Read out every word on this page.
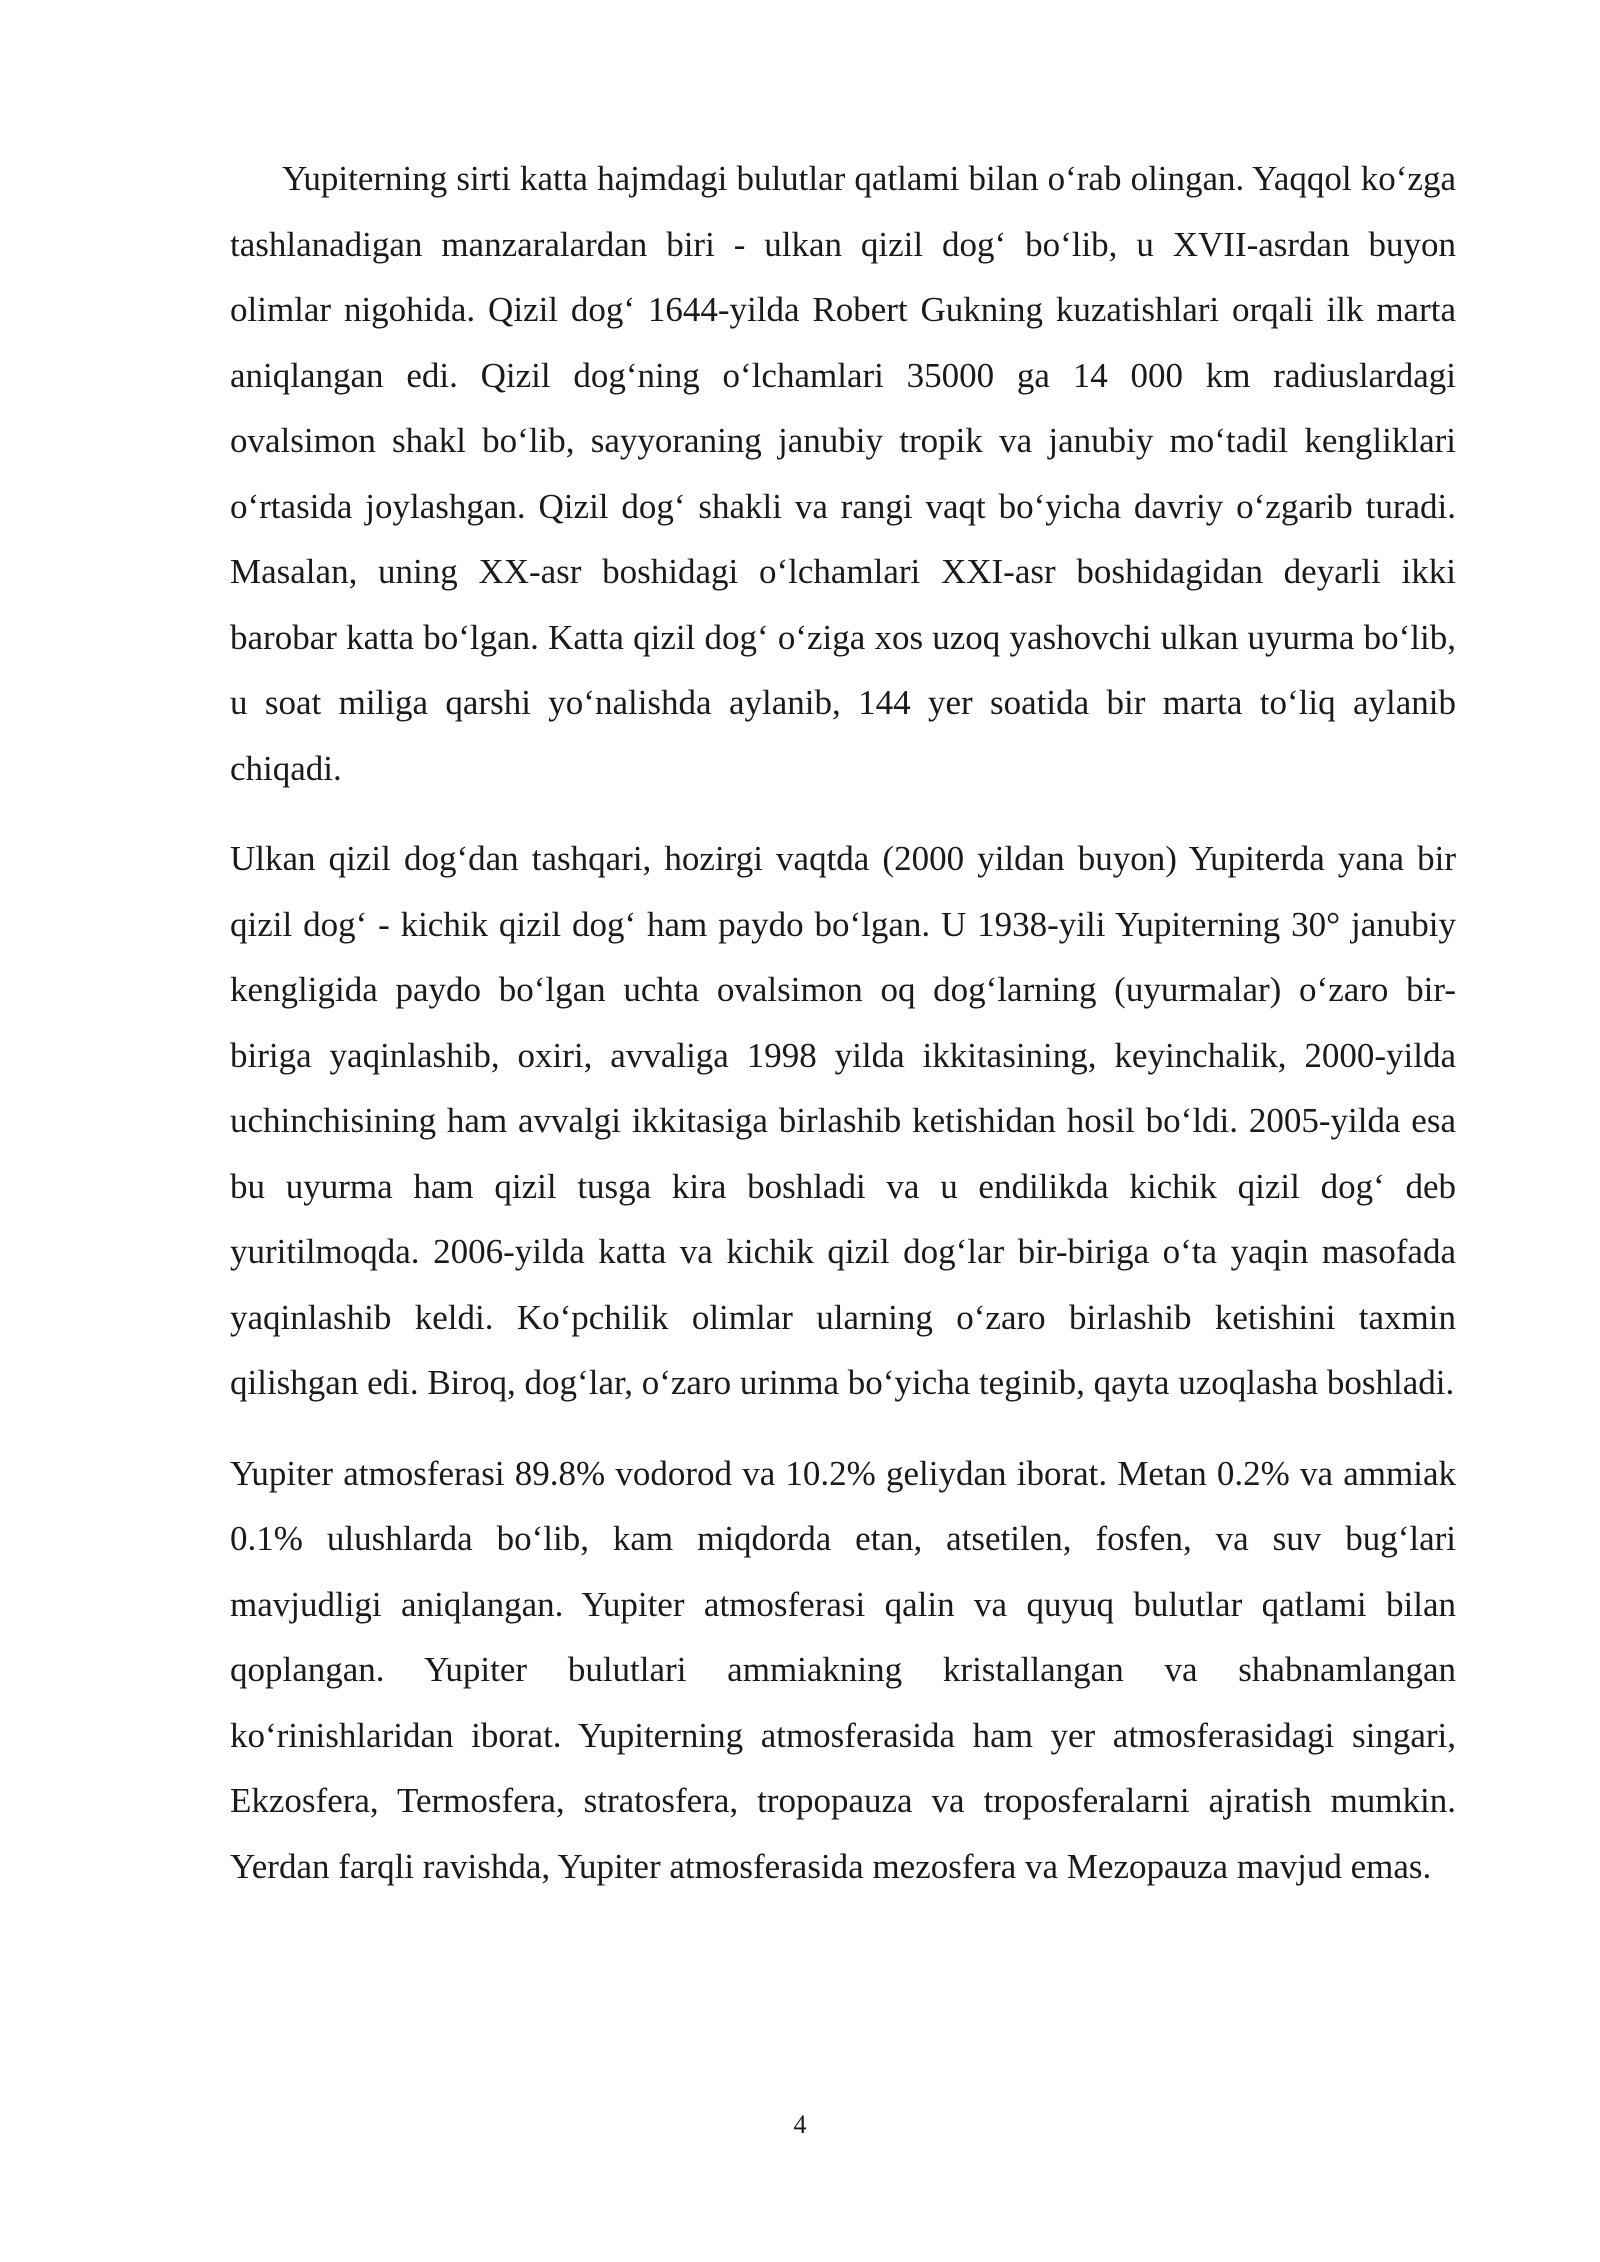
Yupiterning sirti katta hajmdagi bulutlar qatlami bilan o‘rab olingan. Yaqqol ko‘zga tashlanadigan manzaralardan biri - ulkan qizil dog‘ bo‘lib, u XVII-asrdan buyon olimlar nigohida. Qizil dog‘ 1644-yilda Robert Gukning kuzatishlari orqali ilk marta aniqlangan edi. Qizil dog‘ning o‘lchamlari 35000 ga 14 000 km radiuslardagi ovalsimon shakl bo‘lib, sayyoraning janubiy tropik va janubiy mo‘tadil kengliklari o‘rtasida joylashgan. Qizil dog‘ shakli va rangi vaqt bo‘yicha davriy o‘zgarib turadi. Masalan, uning XX-asr boshidagi o‘lchamlari XXI-asr boshidagidan deyarli ikki barobar katta bo‘lgan. Katta qizil dog‘ o‘ziga xos uzoq yashovchi ulkan uyurma bo‘lib, u soat miliga qarshi yo‘nalishda aylanib, 144 yer soatida bir marta to‘liq aylanib chiqadi.

Ulkan qizil dog‘dan tashqari, hozirgi vaqtda (2000 yildan buyon) Yupiterda yana bir qizil dog‘ - kichik qizil dog‘ ham paydo bo‘lgan. U 1938-yili Yupiterning 30° janubiy kengligida paydo bo‘lgan uchta ovalsimon oq dog‘larning (uyurmalar) o‘zaro bir-biriga yaqinlashib, oxiri, avvaliga 1998 yilda ikkitasining, keyinchalik, 2000-yilda uchinchisining ham avvalgi ikkitasiga birlashib ketishidan hosil bo‘ldi. 2005-yilda esa bu uyurma ham qizil tusga kira boshladi va u endilikda kichik qizil dog‘ deb yuritilmoqda. 2006-yilda katta va kichik qizil dog‘lar bir-biriga o‘ta yaqin masofada yaqinlashib keldi. Ko‘pchilik olimlar ularning o‘zaro birlashib ketishini taxmin qilishgan edi. Biroq, dog‘lar, o‘zaro urinma bo‘yicha teginib, qayta uzoqlasha boshladi.

Yupiter atmosferasi 89.8% vodorod va 10.2% geliydan iborat. Metan 0.2% va ammiak 0.1% ulushlarda bo‘lib, kam miqdorda etan, atsetilen, fosfen, va suv bug‘lari mavjudligi aniqlangan. Yupiter atmosferasi qalin va quyuq bulutlar qatlami bilan qoplangan. Yupiter bulutlari ammiakning kristallangan va shabnamlangan ko‘rinishlaridan iborat. Yupiterning atmosferasida ham yer atmosferasidagi singari, Ekzosfera, Termosfera, stratosfera, tropopauza va troposferalarni ajratish mumkin. Yerdan farqli ravishda, Yupiter atmosferasida mezosfera va Mezopauza mavjud emas.

4
